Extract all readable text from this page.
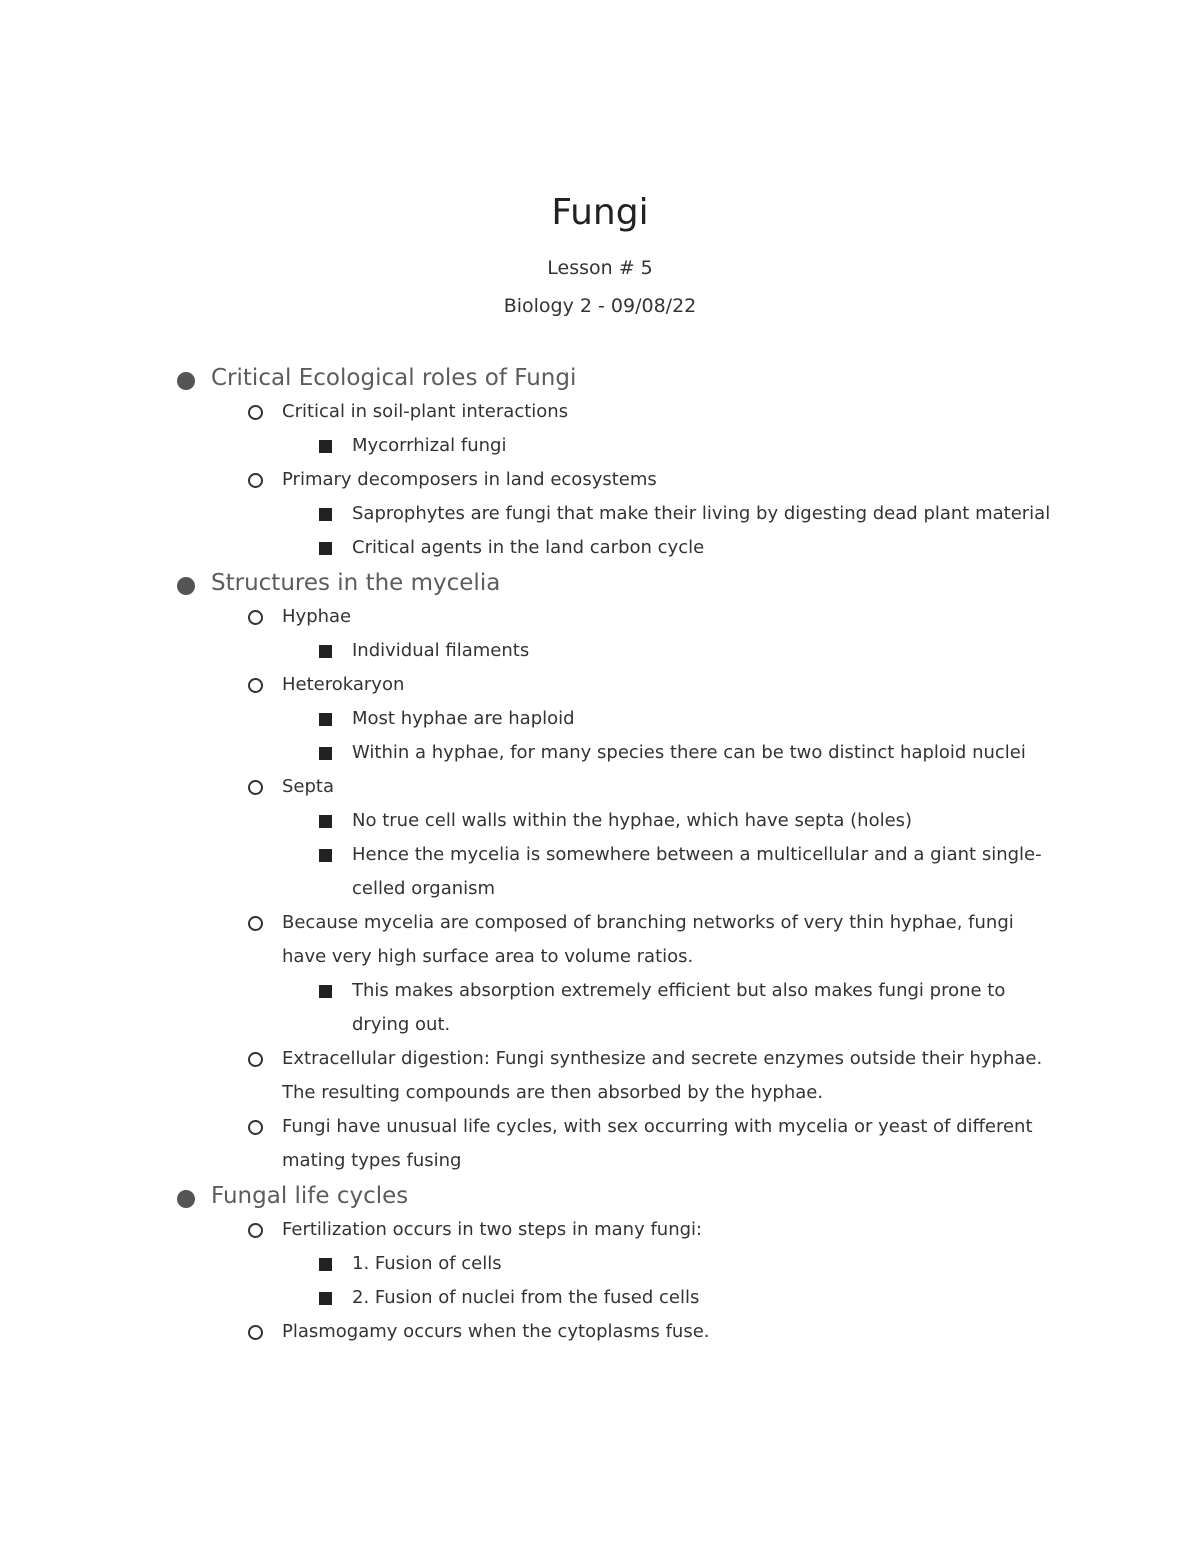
Fungi
Lesson # 5
Biology 2 - 09/08/22
Critical Ecological roles of Fungi
Critical in soil-plant interactions
Mycorrhizal fungi
Primary decomposers in land ecosystems
Saprophytes are fungi that make their living by digesting dead plant material
Critical agents in the land carbon cycle
Structures in the mycelia
Hyphae
Individual filaments
Heterokaryon
Most hyphae are haploid
Within a hyphae, for many species there can be two distinct haploid nuclei
Septa
No true cell walls within the hyphae, which have septa (holes)
Hence the mycelia is somewhere between a multicellular and a giant single-celled organism
Because mycelia are composed of branching networks of very thin hyphae, fungi have very high surface area to volume ratios.
This makes absorption extremely efficient but also makes fungi prone to drying out.
Extracellular digestion: Fungi synthesize and secrete enzymes outside their hyphae. The resulting compounds are then absorbed by the hyphae.
Fungi have unusual life cycles, with sex occurring with mycelia or yeast of different mating types fusing
Fungal life cycles
Fertilization occurs in two steps in many fungi:
1. Fusion of cells
2. Fusion of nuclei from the fused cells
Plasmogamy occurs when the cytoplasms fuse.
